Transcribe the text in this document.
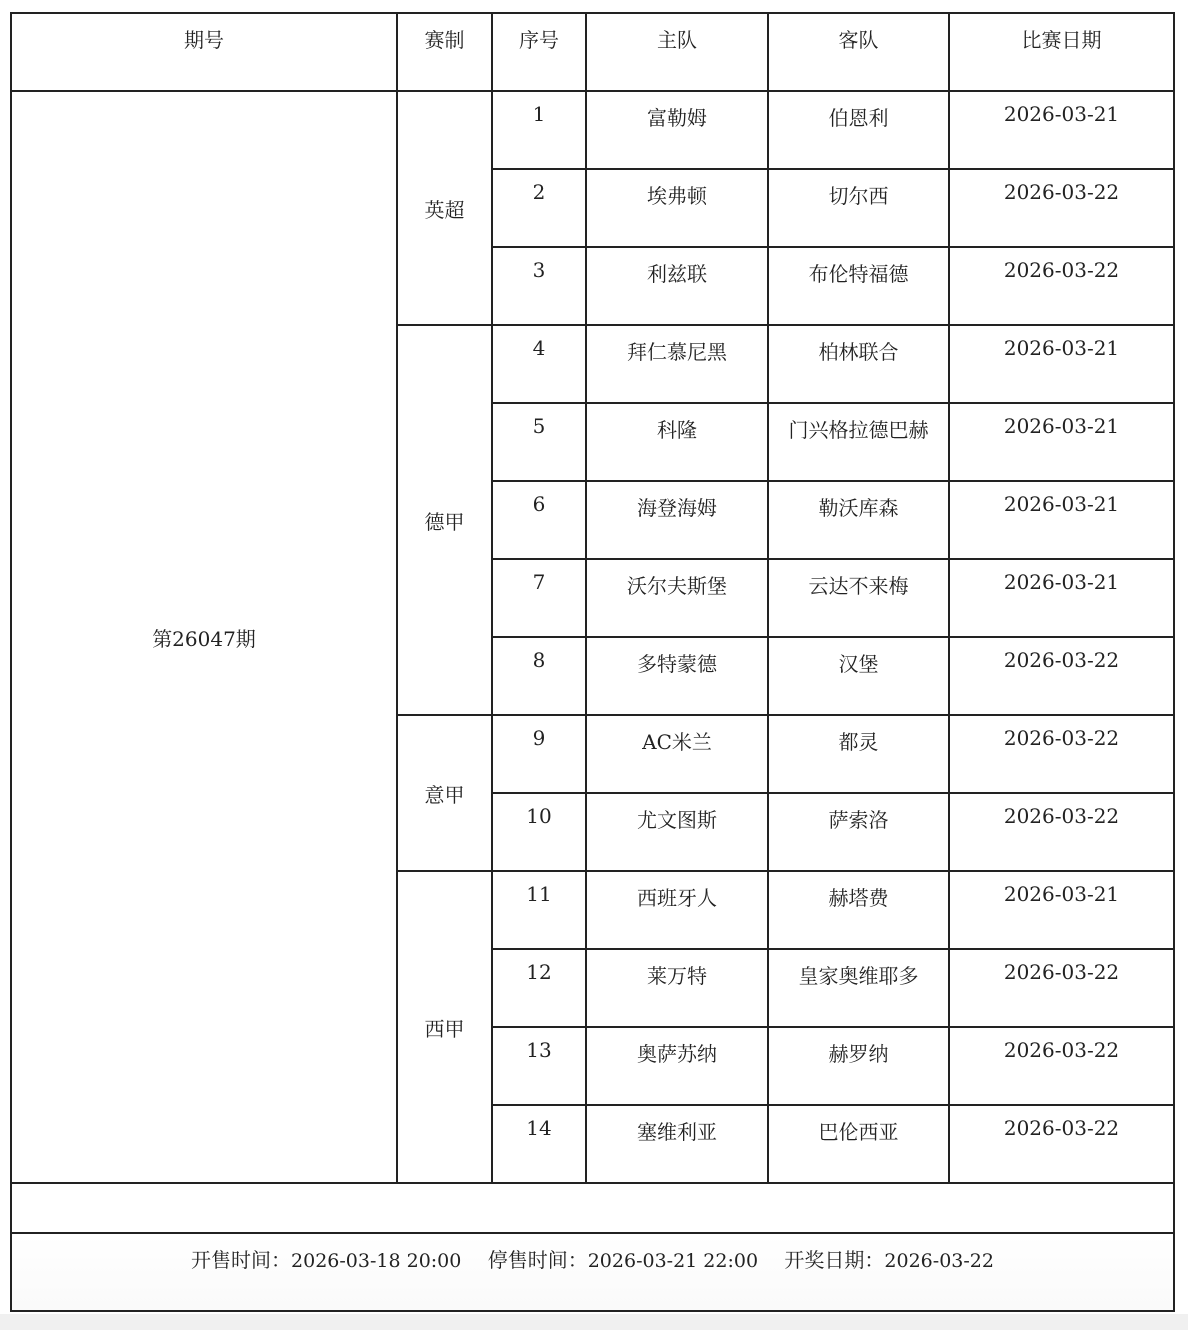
期号	赛制	序号	主队	客队	比赛日期
第26047期	英超	1	富勒姆	伯恩利	2026-03-21
		2	埃弗顿	切尔西	2026-03-22
		3	利兹联	布伦特福德	2026-03-22
	德甲	4	拜仁慕尼黑	柏林联合	2026-03-21
		5	科隆	门兴格拉德巴赫	2026-03-21
		6	海登海姆	勒沃库森	2026-03-21
		7	沃尔夫斯堡	云达不来梅	2026-03-21
		8	多特蒙德	汉堡	2026-03-22
	意甲	9	AC米兰	都灵	2026-03-22
		10	尤文图斯	萨索洛	2026-03-22
	西甲	11	西班牙人	赫塔费	2026-03-21
		12	莱万特	皇家奥维耶多	2026-03-22
		13	奥萨苏纳	赫罗纳	2026-03-22
		14	塞维利亚	巴伦西亚	2026-03-22

开售时间：2026-03-18 20:00 停售时间：2026-03-21 22:00 开奖日期：2026-03-22					
